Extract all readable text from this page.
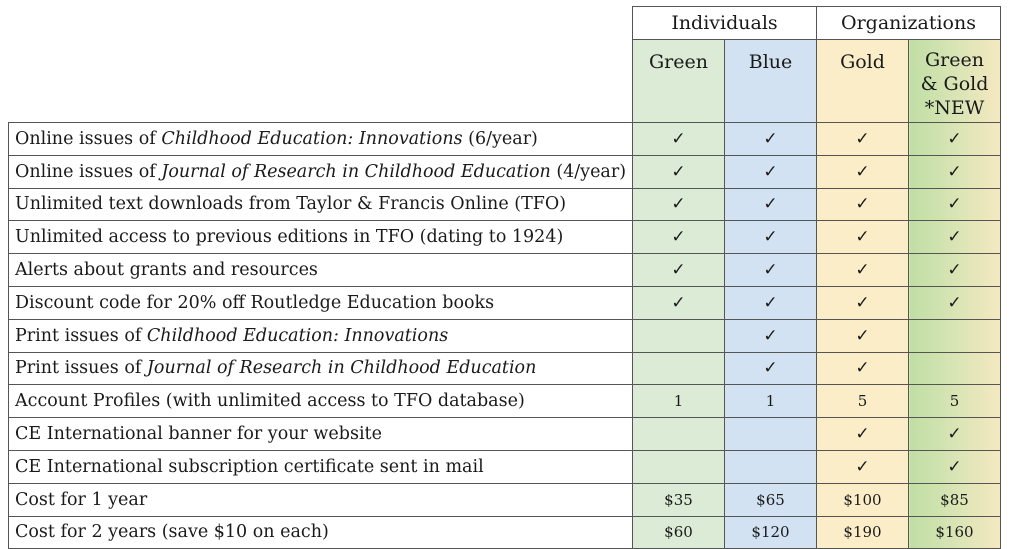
	Individuals		Organizations	
	Green	Blue	Gold	Green
& Gold
*NEW

Online issues of Childhood Education: Innovations (6/year)	✓	✓	✓	✓
Online issues of Journal of Research in Childhood Education (4/year)	✓	✓	✓	✓
Unlimited text downloads from Taylor & Francis Online (TFO)	✓	✓	✓	✓
Unlimited access to previous editions in TFO (dating to 1924)	✓	✓	✓	✓
Alerts about grants and resources	✓	✓	✓	✓
Discount code for 20% off Routledge Education books	✓	✓	✓	✓
Print issues of Childhood Education: Innovations		✓	✓	
Print issues of Journal of Research in Childhood Education		✓	✓	
Account Profiles (with unlimited access to TFO database)	1	1	5	5
CE International banner for your website			✓	✓
CE International subscription certificate sent in mail			✓	✓
Cost for 1 year	$35	$65	$100	$85
Cost for 2 years (save $10 on each)	$60	$120	$190	$160
